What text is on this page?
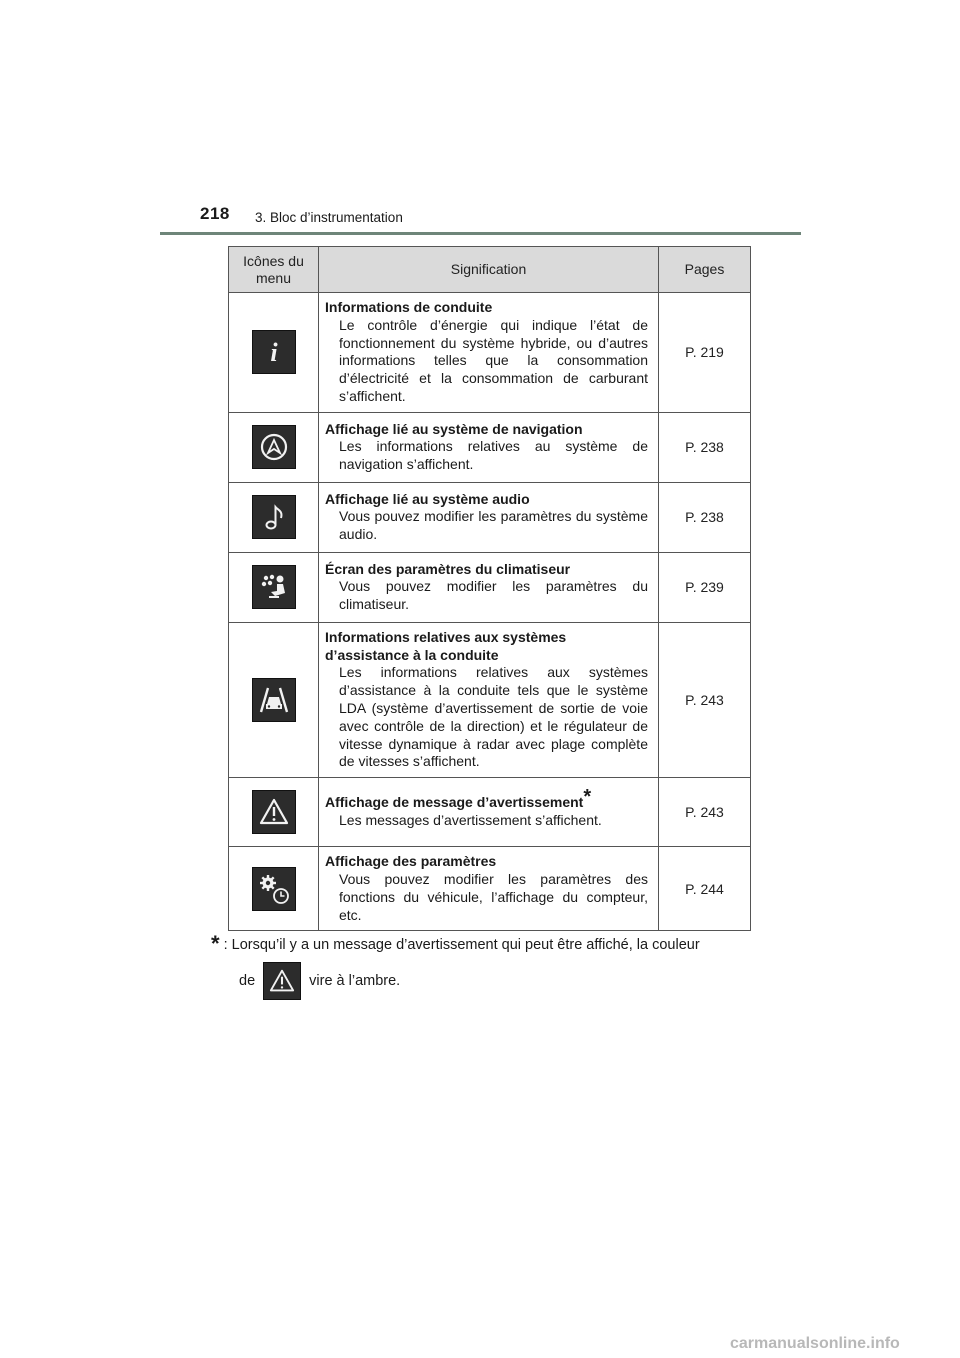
218 3. Bloc d’instrumentation
Icônes du menu	Signification	Pages

i	Informations de conduite
Le contrôle d’énergie qui indique l’état de fonctionnement du système hybride, ou d’autres informations telles que la consommation d’électricité et la consommation de carburant s’affichent.	P. 219

Affichage lié au système de navigation
Les informations relatives au système de navigation s’affichent.	P. 238

Affichage lié au système audio
Vous pouvez modifier les paramètres du système audio.	P. 238

Écran des paramètres du climatiseur
Vous pouvez modifier les paramètres du climatiseur.	P. 239

Informations relatives aux systèmes d’assistance à la conduite
Les informations relatives aux systèmes d’assistance à la conduite tels que le système LDA (système d’avertissement de sortie de voie avec contrôle de la direction) et le régulateur de vitesse dynamique à radar avec plage complète de vitesses s’affichent.	P. 243

Affichage de message d’avertissement*
Les messages d’avertissement s’affichent.	P. 243

Affichage des paramètres
Vous pouvez modifier les paramètres des fonctions du véhicule, l’affichage du compteur, etc.	P. 244
* : Lorsqu’il y a un message d’avertissement qui peut être affiché, la couleur
de	vire à l’ambre.
carmanualsonline.info
